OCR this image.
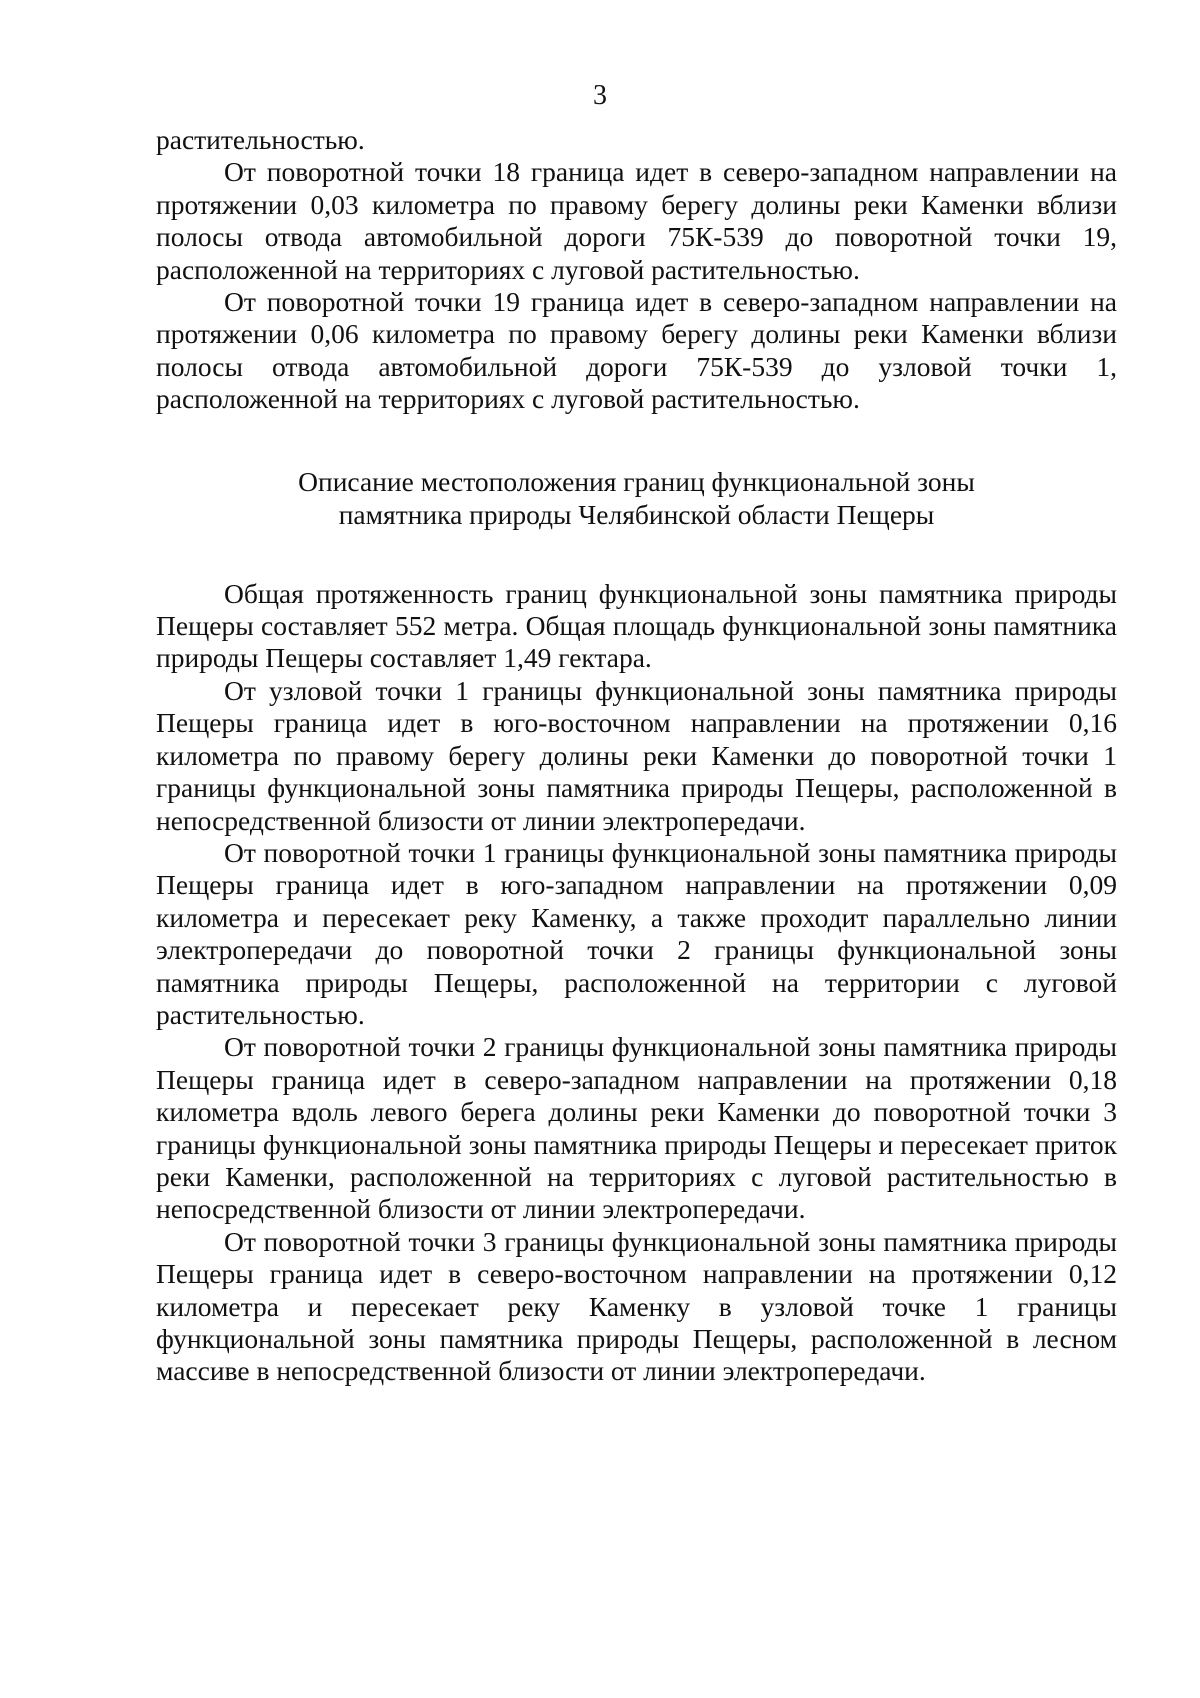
3

растительностью.

От поворотной точки 18 граница идет в северо-западном направлении на протяжении 0,03 километра по правому берегу долины реки Каменки вблизи полосы отвода автомобильной дороги 75К-539 до поворотной точки 19, расположенной на территориях с луговой растительностью.

От поворотной точки 19 граница идет в северо-западном направлении на протяжении 0,06 километра по правому берегу долины реки Каменки вблизи полосы отвода автомобильной дороги 75К-539 до узловой точки 1, расположенной на территориях с луговой растительностью.

Описание местоположения границ функциональной зоны
памятника природы Челябинской области Пещеры

Общая протяженность границ функциональной зоны памятника природы Пещеры составляет 552 метра. Общая площадь функциональной зоны памятника природы Пещеры составляет 1,49 гектара.

От узловой точки 1 границы функциональной зоны памятника природы Пещеры граница идет в юго-восточном направлении на протяжении 0,16 километра по правому берегу долины реки Каменки до поворотной точки 1 границы функциональной зоны памятника природы Пещеры, расположенной в непосредственной близости от линии электропередачи.

От поворотной точки 1 границы функциональной зоны памятника природы Пещеры граница идет в юго-западном направлении на протяжении 0,09 километра и пересекает реку Каменку, а также проходит параллельно линии электропередачи до поворотной точки 2 границы функциональной зоны памятника природы Пещеры, расположенной на территории с луговой растительностью.

От поворотной точки 2 границы функциональной зоны памятника природы Пещеры граница идет в северо-западном направлении на протяжении 0,18 километра вдоль левого берега долины реки Каменки до поворотной точки 3 границы функциональной зоны памятника природы Пещеры и пересекает приток реки Каменки, расположенной на территориях с луговой растительностью в непосредственной близости от линии электропередачи.

От поворотной точки 3 границы функциональной зоны памятника природы Пещеры граница идет в северо-восточном направлении на протяжении 0,12 километра и пересекает реку Каменку в узловой точке 1 границы функциональной зоны памятника природы Пещеры, расположенной в лесном массиве в непосредственной близости от линии электропередачи.
